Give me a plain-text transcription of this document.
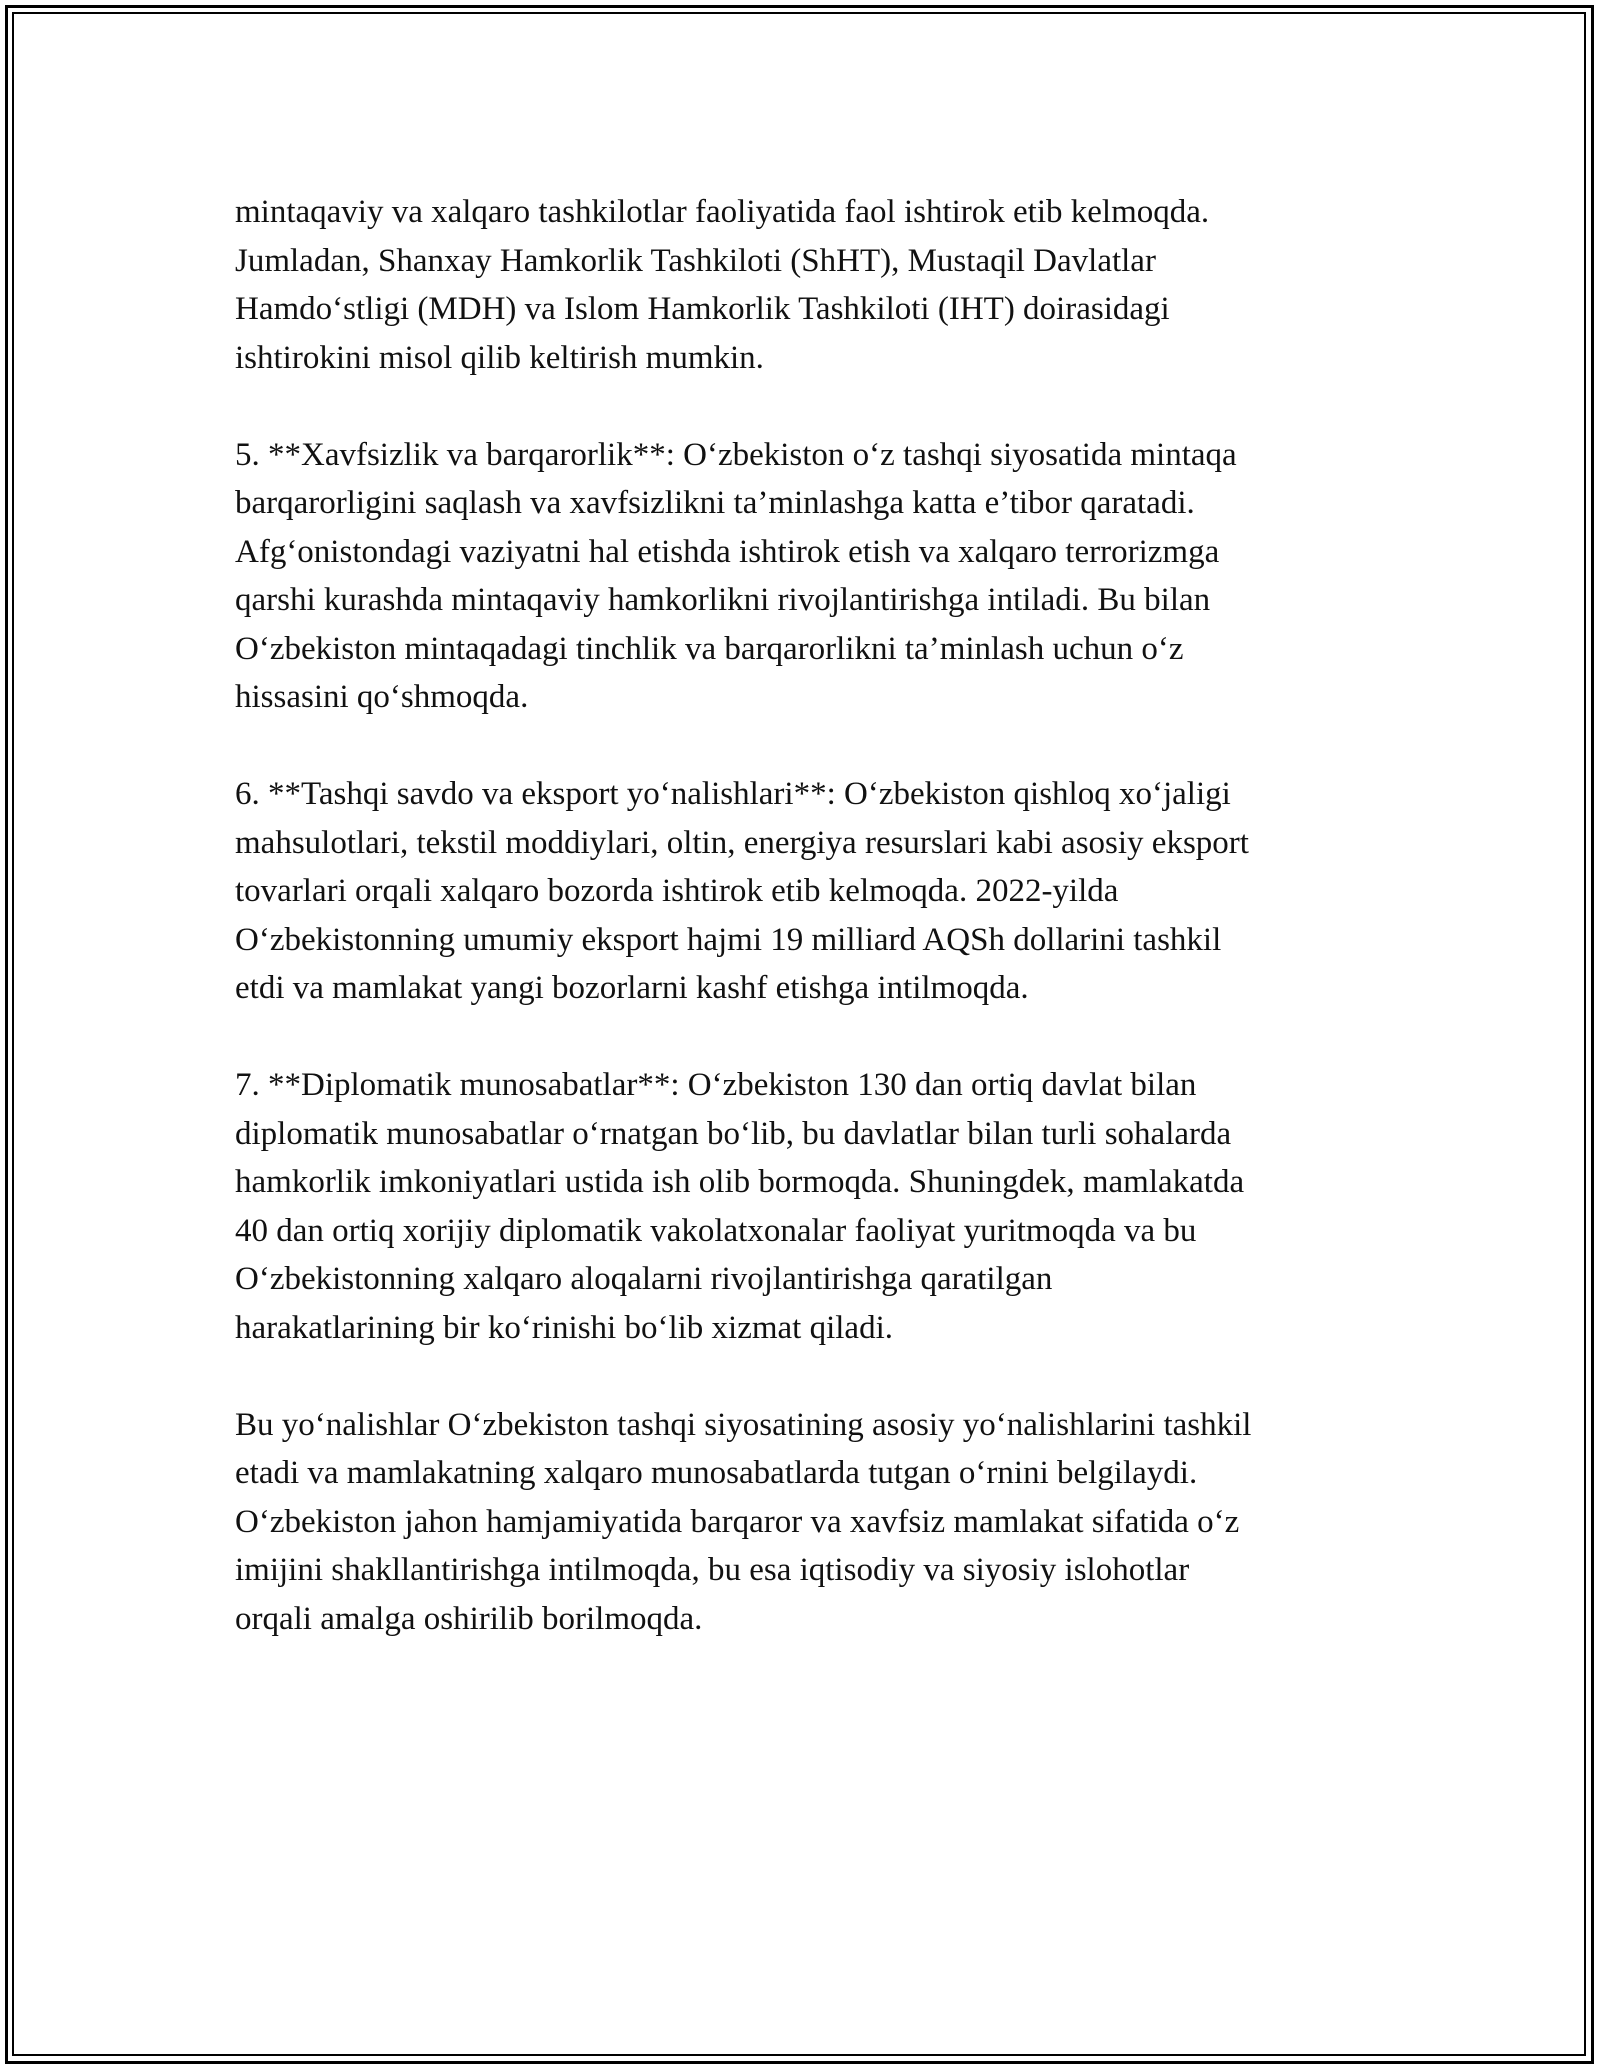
mintaqaviy va xalqaro tashkilotlar faoliyatida faol ishtirok etib kelmoqda.
Jumladan, Shanxay Hamkorlik Tashkiloti (ShHT), Mustaqil Davlatlar
Hamdo‘stligi (MDH) va Islom Hamkorlik Tashkiloti (IHT) doirasidagi
ishtirokini misol qilib keltirish mumkin.

5. **Xavfsizlik va barqarorlik**: O‘zbekiston o‘z tashqi siyosatida mintaqa
barqarorligini saqlash va xavfsizlikni ta’minlashga katta e’tibor qaratadi.
Afg‘onistondagi vaziyatni hal etishda ishtirok etish va xalqaro terrorizmga
qarshi kurashda mintaqaviy hamkorlikni rivojlantirishga intiladi. Bu bilan
O‘zbekiston mintaqadagi tinchlik va barqarorlikni ta’minlash uchun o‘z
hissasini qo‘shmoqda.

6. **Tashqi savdo va eksport yo‘nalishlari**: O‘zbekiston qishloq xo‘jaligi
mahsulotlari, tekstil moddiylari, oltin, energiya resurslari kabi asosiy eksport
tovarlari orqali xalqaro bozorda ishtirok etib kelmoqda. 2022-yilda
O‘zbekistonning umumiy eksport hajmi 19 milliard AQSh dollarini tashkil
etdi va mamlakat yangi bozorlarni kashf etishga intilmoqda.

7. **Diplomatik munosabatlar**: O‘zbekiston 130 dan ortiq davlat bilan
diplomatik munosabatlar o‘rnatgan bo‘lib, bu davlatlar bilan turli sohalarda
hamkorlik imkoniyatlari ustida ish olib bormoqda. Shuningdek, mamlakatda
40 dan ortiq xorijiy diplomatik vakolatxonalar faoliyat yuritmoqda va bu
O‘zbekistonning xalqaro aloqalarni rivojlantirishga qaratilgan
harakatlarining bir ko‘rinishi bo‘lib xizmat qiladi.

Bu yo‘nalishlar O‘zbekiston tashqi siyosatining asosiy yo‘nalishlarini tashkil
etadi va mamlakatning xalqaro munosabatlarda tutgan o‘rnini belgilaydi.
O‘zbekiston jahon hamjamiyatida barqaror va xavfsiz mamlakat sifatida o‘z
imijini shakllantirishga intilmoqda, bu esa iqtisodiy va siyosiy islohotlar
orqali amalga oshirilib borilmoqda.
